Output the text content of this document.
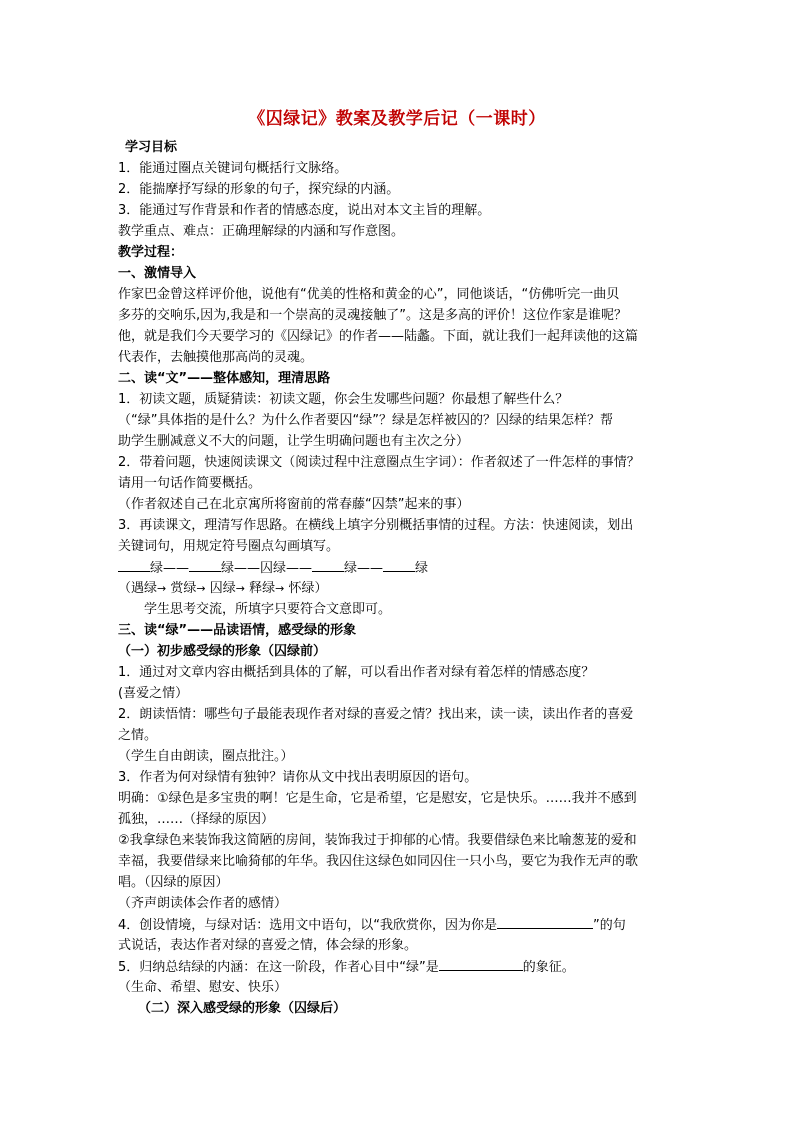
《囚绿记》教案及教学后记（一课时）
学习目标
1．能通过圈点关键词句概括行文脉络。
2．能揣摩抒写绿的形象的句子，探究绿的内涵。
3．能通过写作背景和作者的情感态度，说出对本文主旨的理解。
教学重点、难点：正确理解绿的内涵和写作意图。
教学过程：
一、激情导入
作家巴金曾这样评价他，说他有“优美的性格和黄金的心”，同他谈话，“仿佛听完一曲贝
多芬的交响乐,因为,我是和一个崇高的灵魂接触了”。这是多高的评价！这位作家是谁呢？
他，就是我们今天要学习的《囚绿记》的作者——陆蠡。下面，就让我们一起拜读他的这篇
代表作，去触摸他那高尚的灵魂。
二、读“文”——整体感知，理清思路
1．初读文题，质疑猜读：初读文题，你会生发哪些问题？你最想了解些什么？
（“绿”具体指的是什么？为什么作者要囚“绿”？绿是怎样被囚的？囚绿的结果怎样？帮
助学生删减意义不大的问题，让学生明确问题也有主次之分）
2．带着问题，快速阅读课文（阅读过程中注意圈点生字词）：作者叙述了一件怎样的事情？
请用一句话作简要概括。
（作者叙述自己在北京寓所将窗前的常春藤“囚禁”起来的事）
3．再读课文，理清写作思路。在横线上填字分别概括事情的过程。方法：快速阅读，划出
关键词句，用规定符号圈点勾画填写。
绿—— 绿——囚绿—— 绿—— 绿
（遇绿→ 赏绿→ 囚绿→ 释绿→ 怀绿）
学生思考交流，所填字只要符合文意即可。
三、读“绿”——品读语情，感受绿的形象
（一）初步感受绿的形象（囚绿前）
1．通过对文章内容由概括到具体的了解，可以看出作者对绿有着怎样的情感态度？
(喜爱之情）
2．朗读悟情：哪些句子最能表现作者对绿的喜爱之情？找出来，读一读，读出作者的喜爱
之情。
（学生自由朗读，圈点批注。）
3．作者为何对绿情有独钟？请你从文中找出表明原因的语句。
明确：①绿色是多宝贵的啊！它是生命，它是希望，它是慰安，它是快乐。……我并不感到
孤独，……（择绿的原因）
②我拿绿色来装饰我这简陋的房间，装饰我过于抑郁的心情。我要借绿色来比喻葱茏的爱和
幸福，我要借绿来比喻猗郁的年华。我囚住这绿色如同囚住一只小鸟，要它为我作无声的歌
唱。（囚绿的原因）
（齐声朗读体会作者的感情）
4．创设情境，与绿对话：选用文中语句，以“我欣赏你，因为你是	”的句
式说话，表达作者对绿的喜爱之情，体会绿的形象。
5．归纳总结绿的内涵：在这一阶段，作者心目中“绿”是	的象征。
（生命、希望、慰安、快乐）
（二）深入感受绿的形象（囚绿后）
